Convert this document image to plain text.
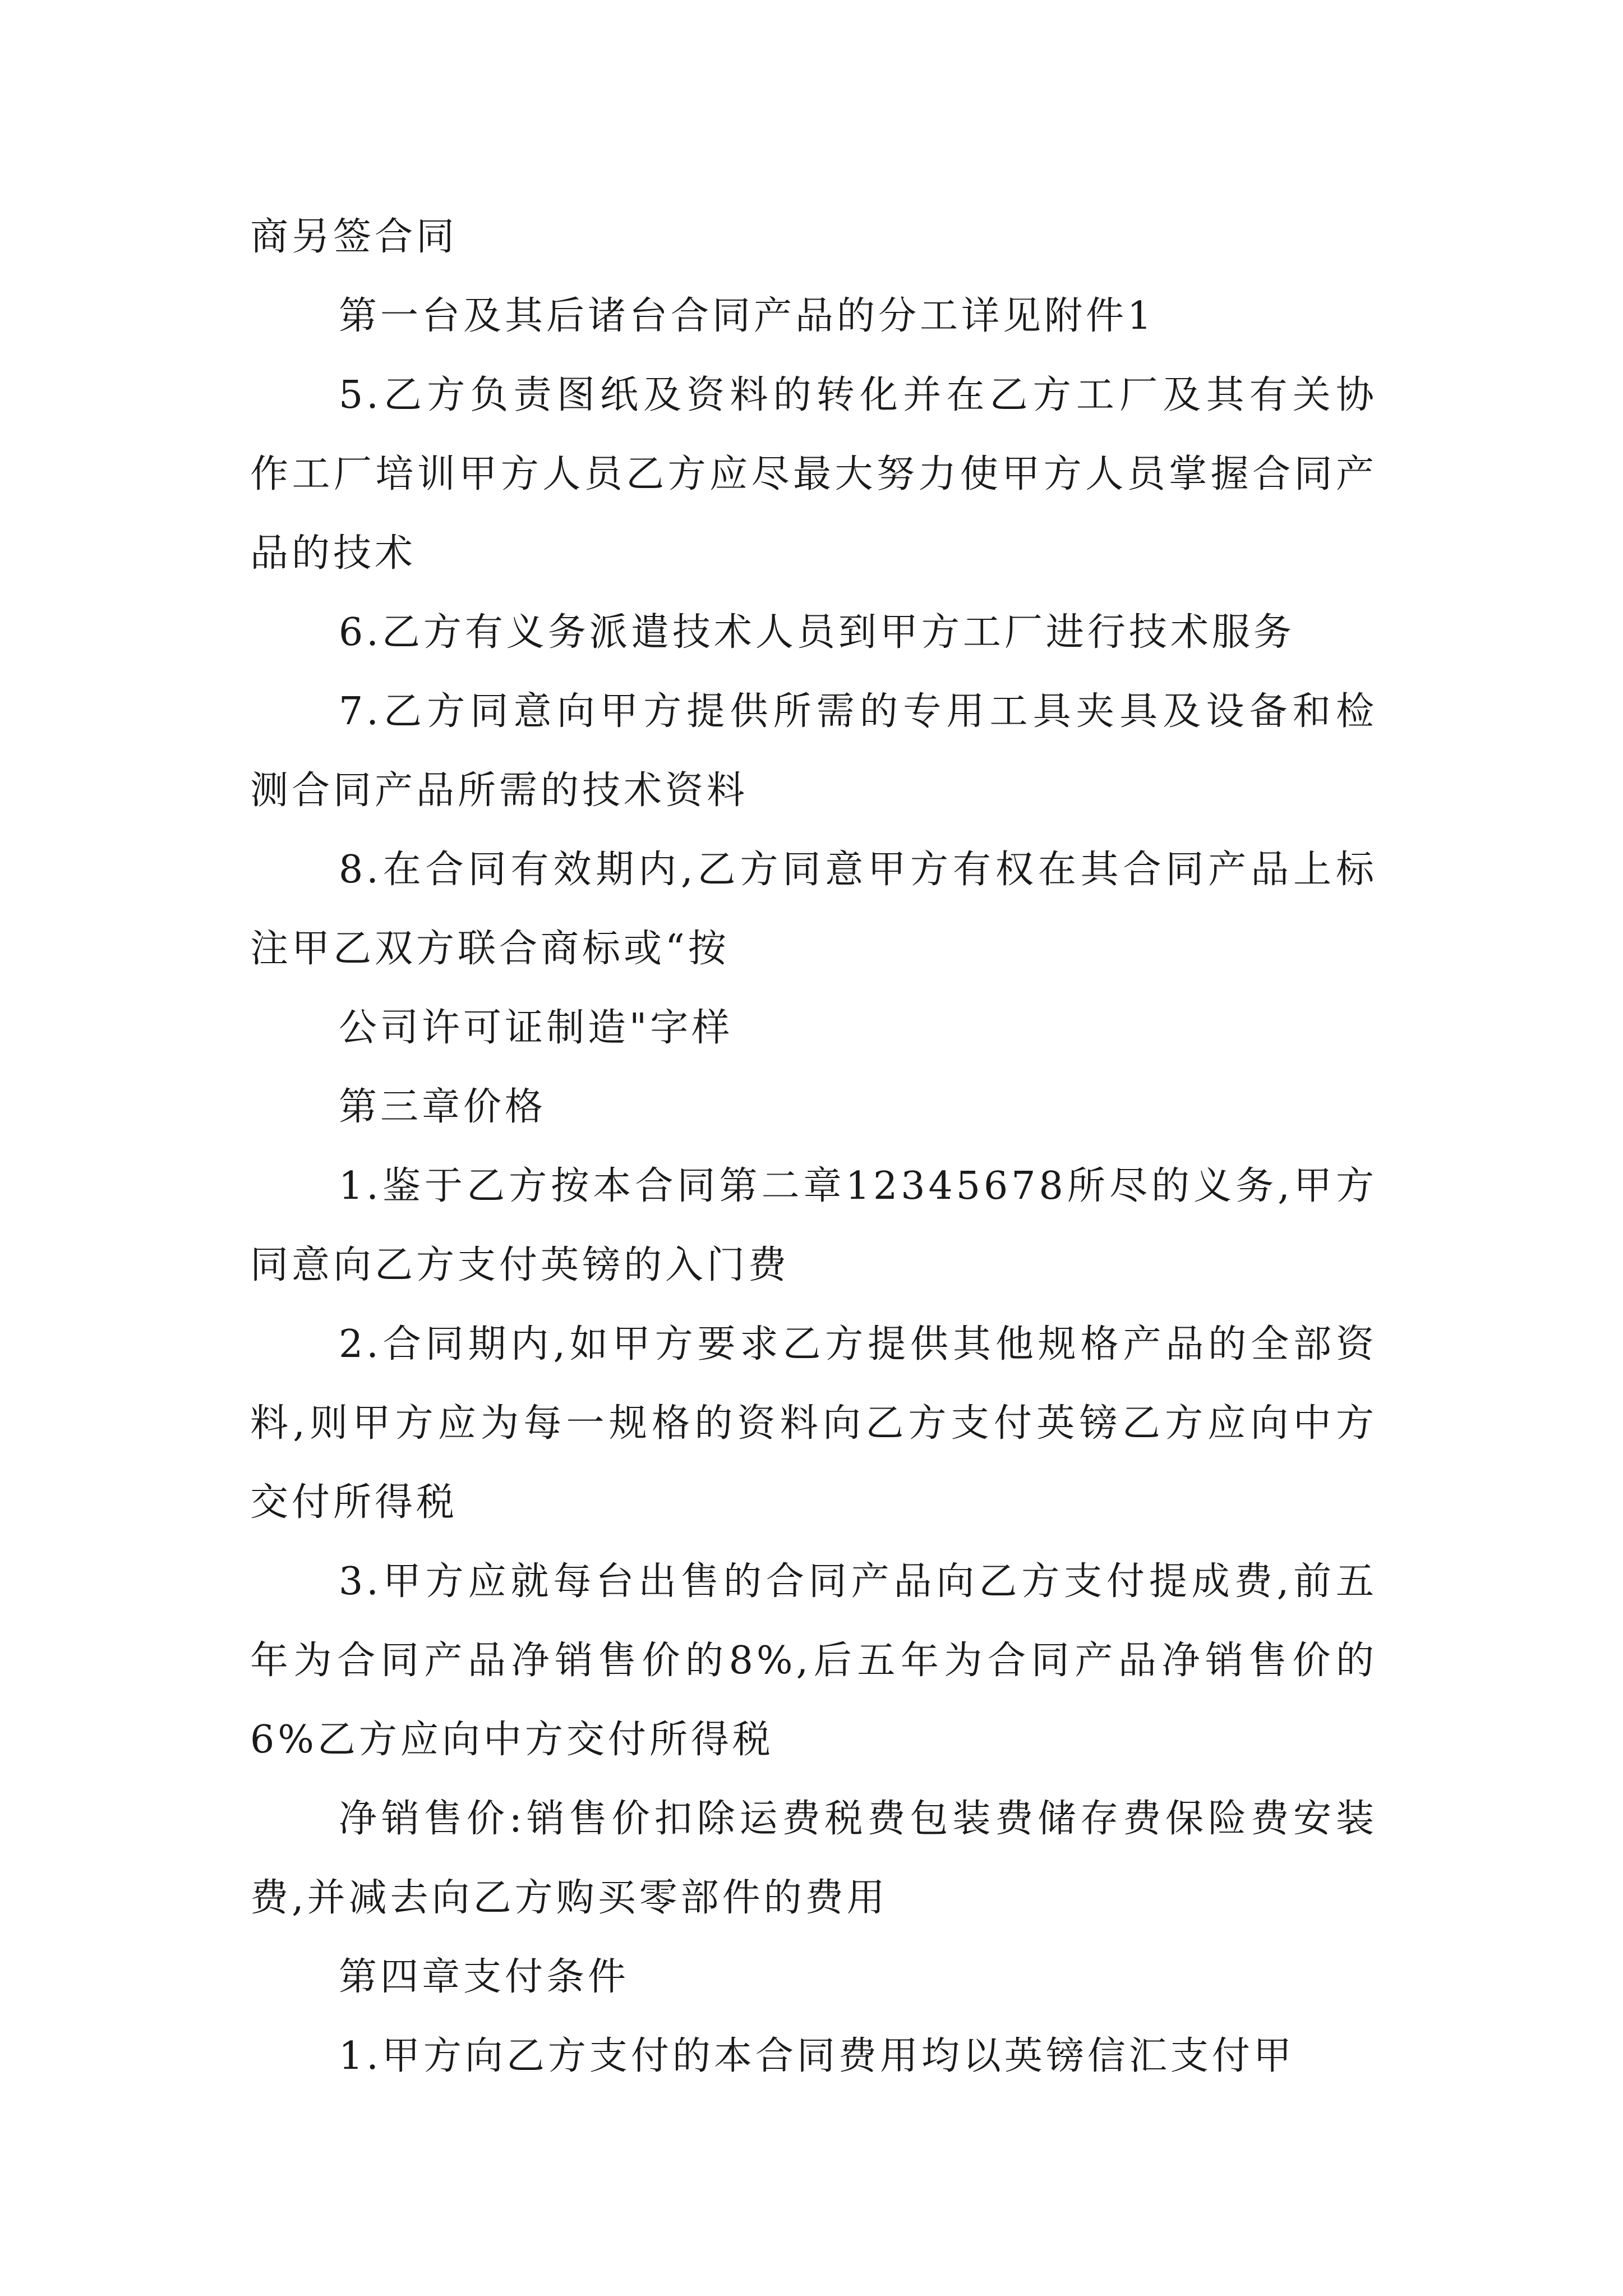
商另签合同

第一台及其后诸台合同产品的分工详见附件1

5.乙方负责图纸及资料的转化并在乙方工厂及其有关协作工厂培训甲方人员乙方应尽最大努力使甲方人员掌握合同产品的技术

6.乙方有义务派遣技术人员到甲方工厂进行技术服务

7.乙方同意向甲方提供所需的专用工具夹具及设备和检测合同产品所需的技术资料

8.在合同有效期内,乙方同意甲方有权在其合同产品上标注甲乙双方联合商标或“按

公司许可证制造"字样

第三章价格

1.鉴于乙方按本合同第二章12345678所尽的义务,甲方同意向乙方支付英镑的入门费

2.合同期内,如甲方要求乙方提供其他规格产品的全部资料,则甲方应为每一规格的资料向乙方支付英镑乙方应向中方交付所得税

3.甲方应就每台出售的合同产品向乙方支付提成费,前五年为合同产品净销售价的8%,后五年为合同产品净销售价的6%乙方应向中方交付所得税

净销售价:销售价扣除运费税费包装费储存费保险费安装费,并减去向乙方购买零部件的费用

第四章支付条件

1.甲方向乙方支付的本合同费用均以英镑信汇支付甲
